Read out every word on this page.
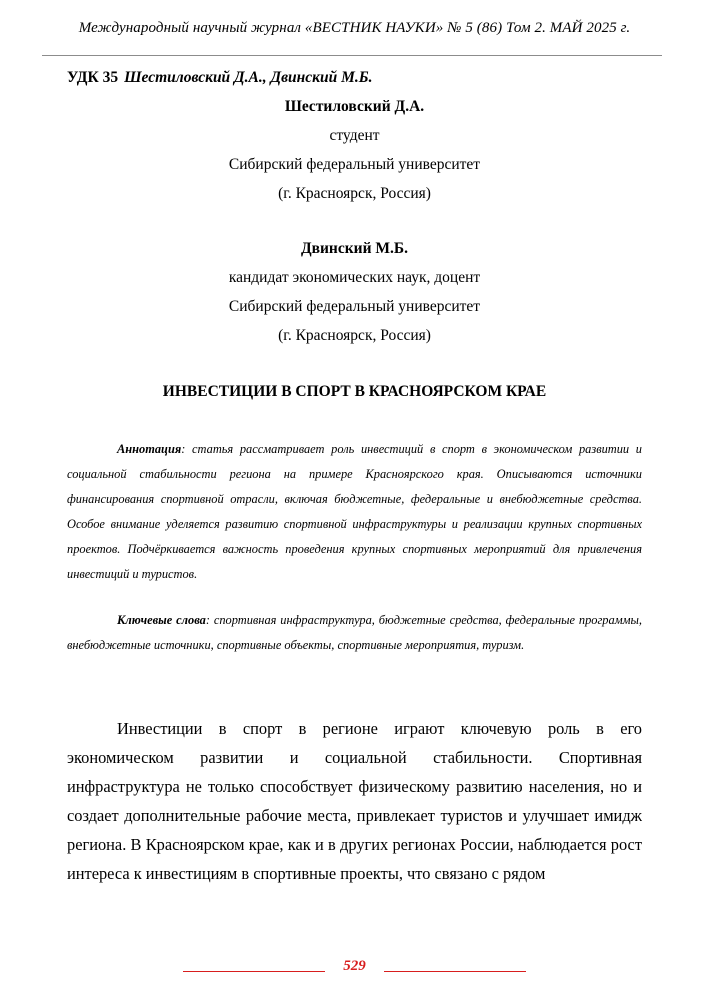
Международный научный журнал «ВЕСТНИК НАУКИ» № 5 (86) Том 2. МАЙ 2025 г.
УДК 35 Шестиловский Д.А., Двинский М.Б.
Шестиловский Д.А.
студент
Сибирский федеральный университет
(г. Красноярск, Россия)
Двинский М.Б.
кандидат экономических наук, доцент
Сибирский федеральный университет
(г. Красноярск, Россия)
ИНВЕСТИЦИИ В СПОРТ В КРАСНОЯРСКОМ КРАЕ

Аннотация: статья рассматривает роль инвестиций в спорт в экономическом развитии и социальной стабильности региона на примере Красноярского края. Описываются источники финансирования спортивной отрасли, включая бюджетные, федеральные и внебюджетные средства. Особое внимание уделяется развитию спортивной инфраструктуры и реализации крупных спортивных проектов. Подчёркивается важность проведения крупных спортивных мероприятий для привлечения инвестиций и туристов.

Ключевые слова: спортивная инфраструктура, бюджетные средства, федеральные программы, внебюджетные источники, спортивные объекты, спортивные мероприятия, туризм.

Инвестиции в спорт в регионе играют ключевую роль в его экономическом развитии и социальной стабильности. Спортивная инфраструктура не только способствует физическому развитию населения, но и создает дополнительные рабочие места, привлекает туристов и улучшает имидж региона. В Красноярском крае, как и в других регионах России, наблюдается рост интереса к инвестициям в спортивные проекты, что связано с рядом

529
